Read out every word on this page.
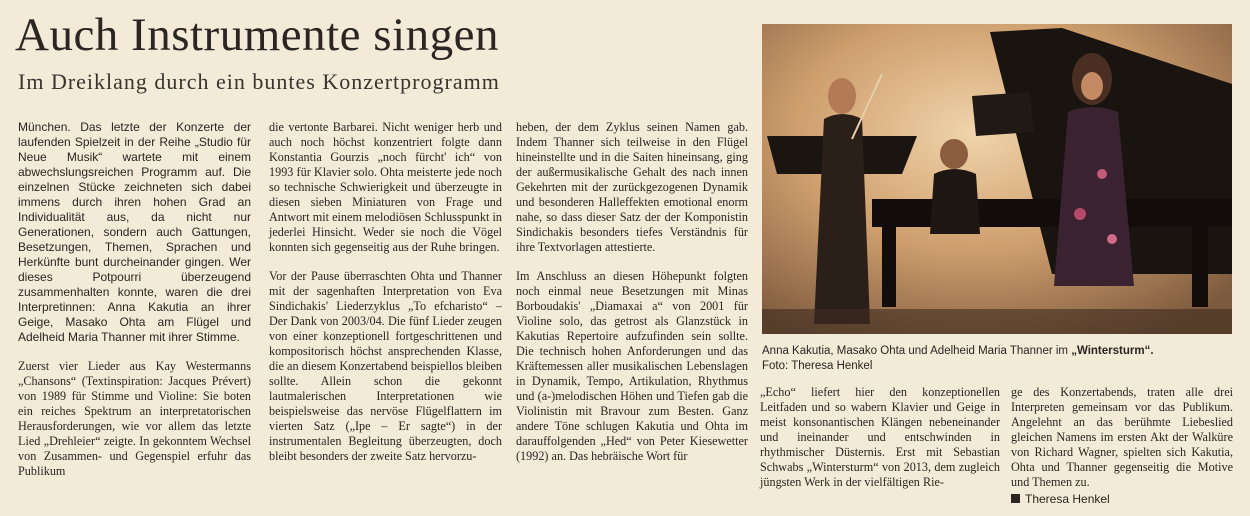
Auch Instrumente singen
Im Dreiklang durch ein buntes Konzertprogramm

München. Das letzte der Konzerte der laufenden Spielzeit in der Reihe „Studio für Neue Musik“ wartete mit einem abwechslungsreichen Programm auf. Die einzelnen Stücke zeichneten sich dabei immens durch ihren hohen Grad an Individualität aus, da nicht nur Generationen, sondern auch Gattungen, Besetzungen, Themen, Sprachen und Herkünfte bunt durcheinander gingen. Wer dieses Potpourri überzeugend zusammenhalten konnte, waren die drei Interpretinnen: Anna Kakutia an ihrer Geige, Masako Ohta am Flügel und Adelheid Maria Thanner mit ihrer Stimme.

Zuerst vier Lieder aus Kay Westermanns „Chansons“ (Textinspiration: Jacques Prévert) von 1989 für Stimme und Violine: Sie boten ein reiches Spektrum an interpretatorischen Herausforderungen, wie vor allem das letzte Lied „Drehleier“ zeigte. In gekonntem Wechsel von Zusammen- und Gegenspiel erfuhr das Publikum

die vertonte Barbarei. Nicht weniger herb und auch noch höchst konzentriert folgte dann Konstantia Gourzis „noch fürcht' ich“ von 1993 für Klavier solo. Ohta meisterte jede noch so technische Schwierigkeit und überzeugte in diesen sieben Miniaturen von Frage und Antwort mit einem melodiösen Schlusspunkt in jederlei Hinsicht. Weder sie noch die Vögel konnten sich gegenseitig aus der Ruhe bringen.

Vor der Pause überraschten Ohta und Thanner mit der sagenhaften Interpretation von Eva Sindichakis' Liederzyklus „To efcharisto“ – Der Dank von 2003/04. Die fünf Lieder zeugen von einer konzeptionell fortgeschrittenen und kompositorisch höchst ansprechenden Klasse, die an diesem Konzertabend beispiellos bleiben sollte. Allein schon die gekonnt lautmalerischen Interpretationen wie beispielsweise das nervöse Flügelflattern im vierten Satz („Ipe – Er sagte“) in der instrumentalen Begleitung überzeugten, doch bleibt besonders der zweite Satz hervorzu-

heben, der dem Zyklus seinen Namen gab. Indem Thanner sich teilweise in den Flügel hineinstellte und in die Saiten hineinsang, ging der außermusikalische Gehalt des nach innen Gekehrten mit der zurückgezogenen Dynamik und besonderen Halleffekten emotional enorm nahe, so dass dieser Satz der der Komponistin Sindichakis besonders tiefes Verständnis für ihre Textvorlagen attestierte.

Im Anschluss an diesen Höhepunkt folgten noch einmal neue Besetzungen mit Minas Borboudakis' „Diamaxai a“ von 2001 für Violine solo, das getrost als Glanzstück in Kakutias Repertoire aufzufinden sein sollte. Die technisch hohen Anforderungen und das Kräftemessen aller musikalischen Lebenslagen in Dynamik, Tempo, Artikulation, Rhythmus und (a-)melodischen Höhen und Tiefen gab die Violinistin mit Bravour zum Besten. Ganz andere Töne schlugen Kakutia und Ohta im darauffolgenden „Hed“ von Peter Kiesewetter (1992) an. Das hebräische Wort für

Anna Kakutia, Masako Ohta und Adelheid Maria Thanner im „Wintersturm“.
Foto: Theresa Henkel

„Echo“ liefert hier den konzeptionellen Leitfaden und so wabern Klavier und Geige in meist konsonantischen Klängen nebeneinander und ineinander und entschwinden in rhythmischer Düsternis. Erst mit Sebastian Schwabs „Wintersturm“ von 2013, dem zugleich jüngsten Werk in der vielfältigen Rie-

ge des Konzertabends, traten alle drei Interpreten gemeinsam vor das Publikum. Angelehnt an das berühmte Liebeslied gleichen Namens im ersten Akt der Walküre von Richard Wagner, spielten sich Kakutia, Ohta und Thanner gegenseitig die Motive und Themen zu.

Theresa Henkel
